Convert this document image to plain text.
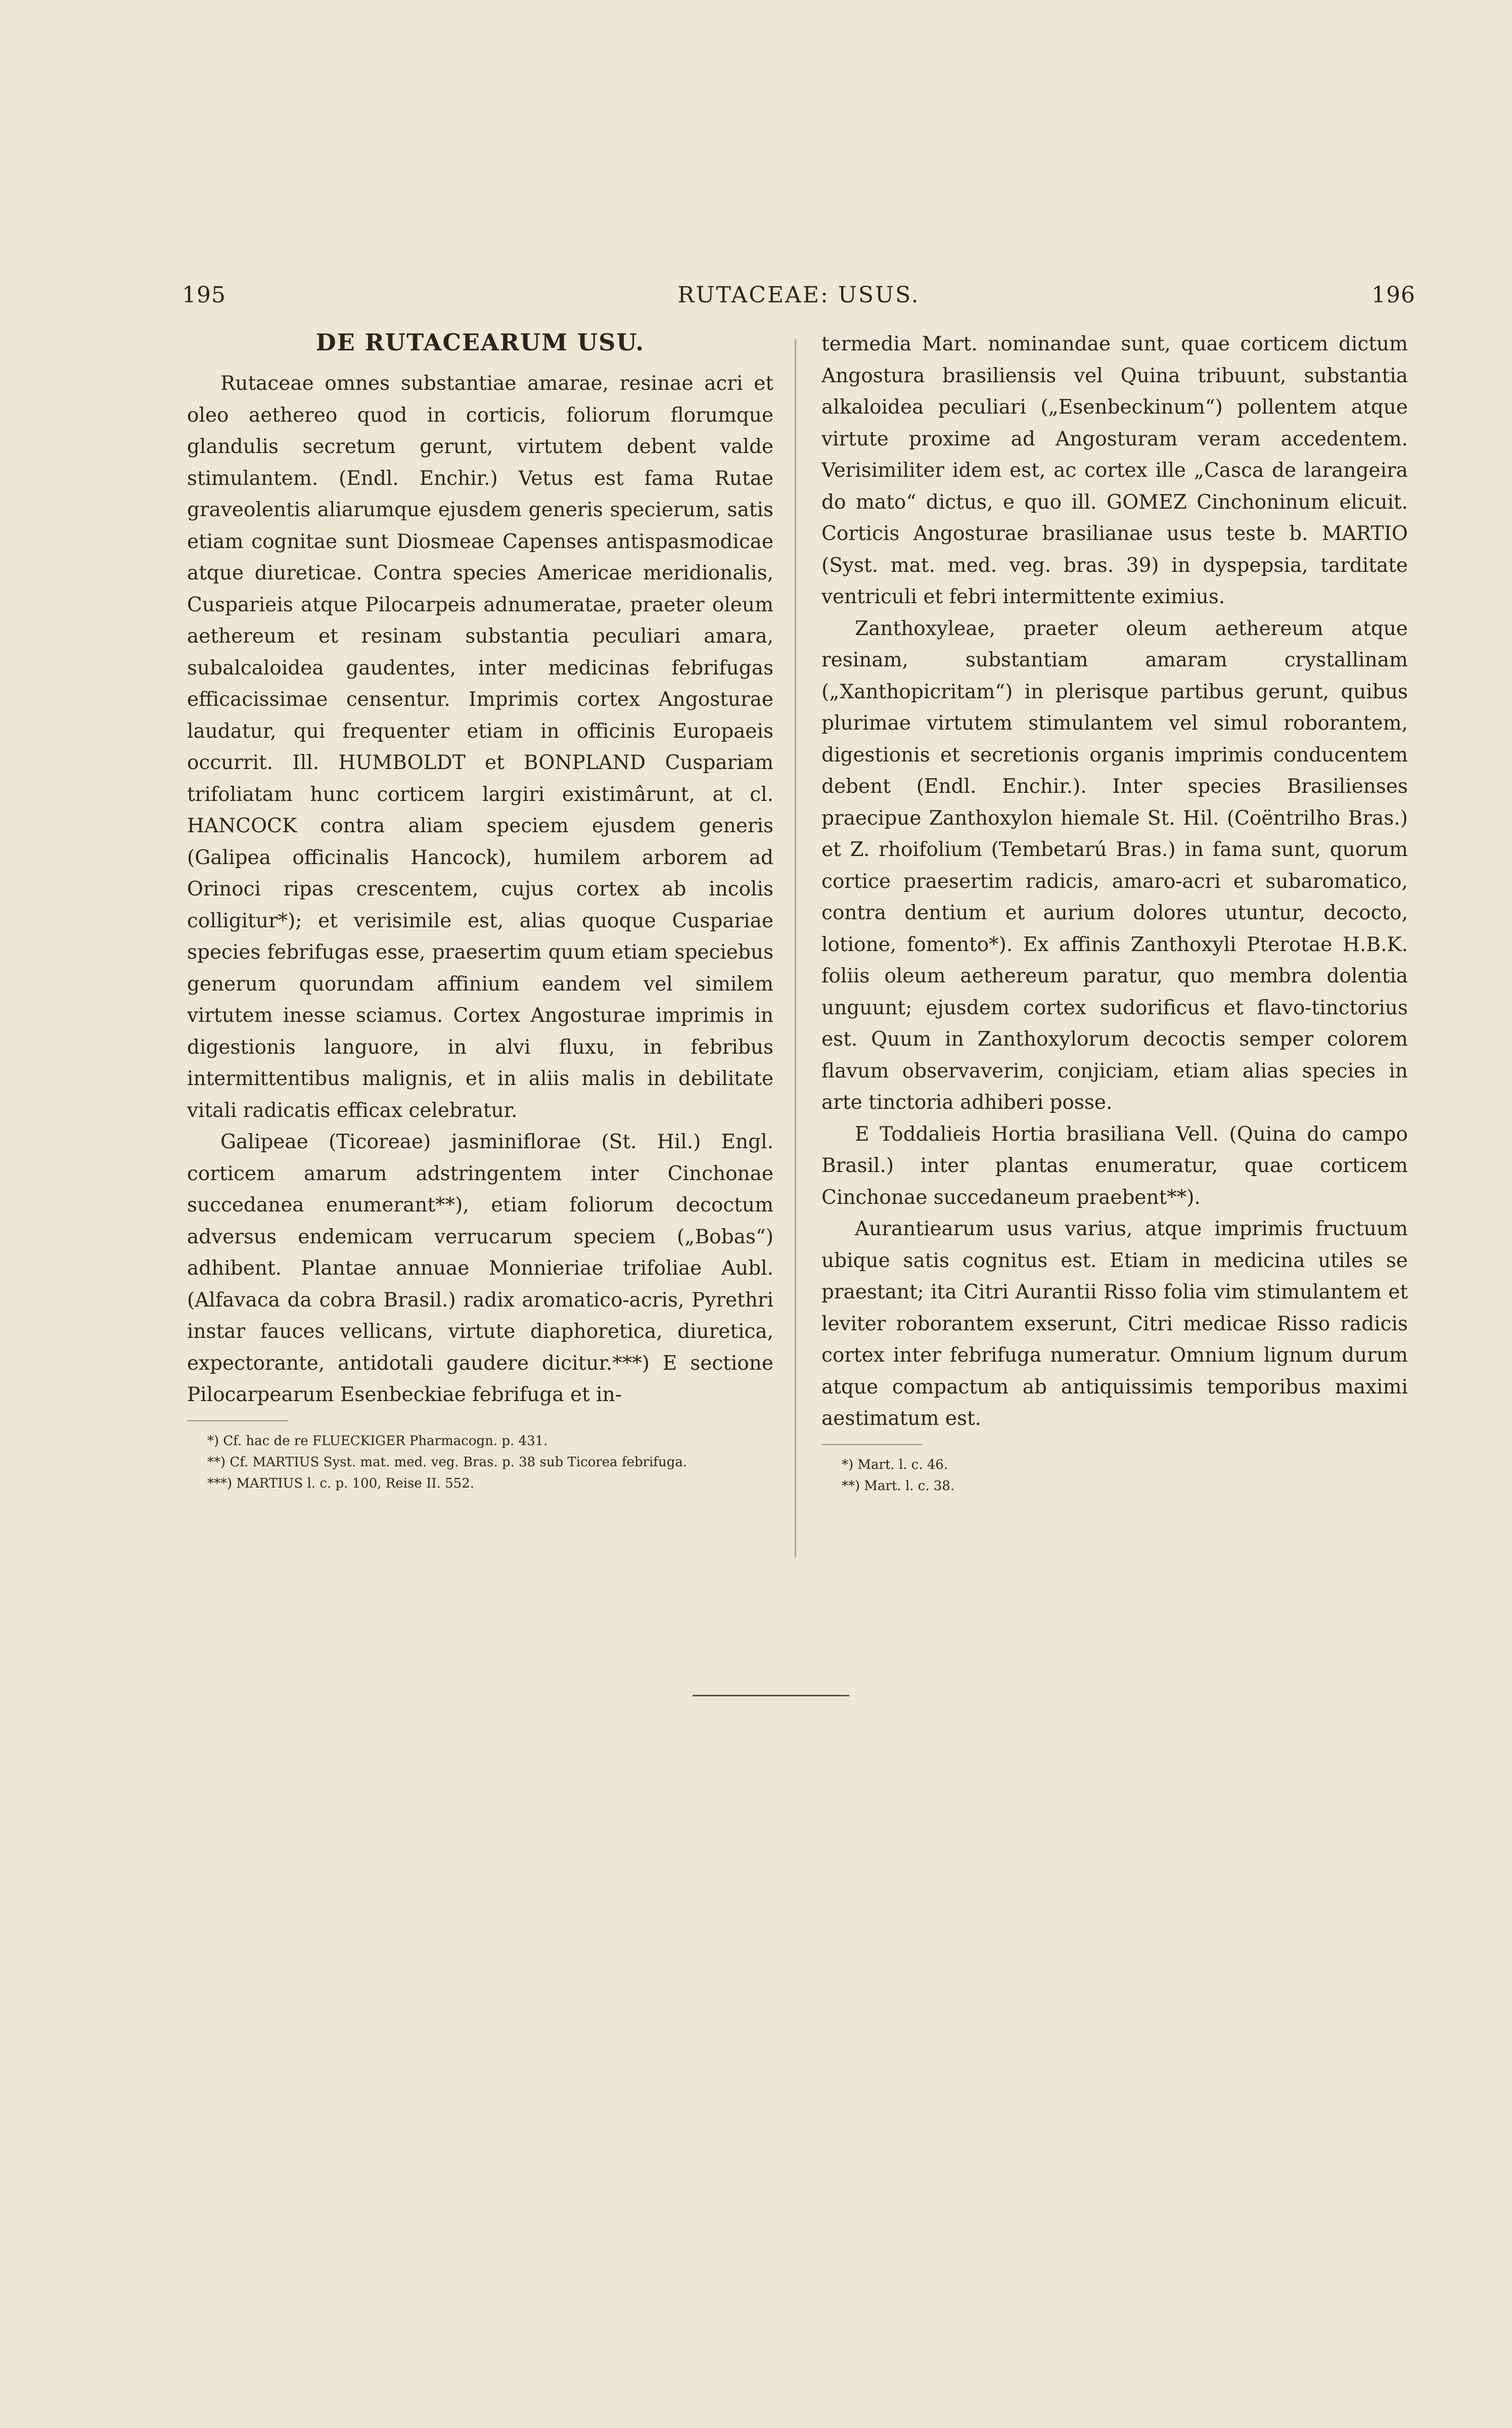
195	RUTACEAE: USUS.	196
DE RUTACEARUM USU.

Rutaceae omnes substantiae amarae, resinae acri et oleo aethereo quod in corticis, foliorum florumque glandulis secretum gerunt, virtutem debent valde stimulantem. (Endl. Enchir.) Vetus est fama Rutae graveolentis aliarumque ejusdem generis specierum, satis etiam cognitae sunt Diosmeae Capenses antispasmodicae atque diureticae. Contra species Americae meridionalis, Cusparieis atque Pilocarpeis adnumeratae, praeter oleum aethereum et resinam substantia peculiari amara, subalcaloidea gaudentes, inter medicinas febrifugas efficacissimae censentur. Imprimis cortex Angosturae laudatur, qui frequenter etiam in officinis Europaeis occurrit. Ill. HUMBOLDT et BONPLAND Cuspariam trifoliatam hunc corticem largiri existimârunt, at cl. HANCOCK contra aliam speciem ejusdem generis (Galipea officinalis Hancock), humilem arborem ad Orinoci ripas crescentem, cujus cortex ab incolis colligitur*); et verisimile est, alias quoque Cuspariae species febrifugas esse, praesertim quum etiam speciebus generum quorundam affinium eandem vel similem virtutem inesse sciamus. Cortex Angosturae imprimis in digestionis languore, in alvi fluxu, in febribus intermittentibus malignis, et in aliis malis in debilitate vitali radicatis efficax celebratur.

Galipeae (Ticoreae) jasminiflorae (St. Hil.) Engl. corticem amarum adstringentem inter Cinchonae succedanea enumerant**), etiam foliorum decoctum adversus endemicam verrucarum speciem („Bobas“) adhibent. Plantae annuae Monnieriae trifoliae Aubl. (Alfavaca da cobra Brasil.) radix aromatico-acris, Pyrethri instar fauces vellicans, virtute diaphoretica, diuretica, expectorante, antidotali gaudere dicitur.***) E sectione Pilocarpearum Esenbeckiae febrifuga et in-

*) Cf. hac de re FLUECKIGER Pharmacogn. p. 431.

**) Cf. MARTIUS Syst. mat. med. veg. Bras. p. 38 sub Ticorea febrifuga.

***) MARTIUS l. c. p. 100, Reise II. 552.

termedia Mart. nominandae sunt, quae corticem dictum Angostura brasiliensis vel Quina tribuunt, substantia alkaloidea peculiari („Esenbeckinum“) pollentem atque virtute proxime ad Angosturam veram accedentem. Verisimiliter idem est, ac cortex ille „Casca de larangeira do mato“ dictus, e quo ill. GOMEZ Cinchoninum elicuit. Corticis Angosturae brasilianae usus teste b. MARTIO (Syst. mat. med. veg. bras. 39) in dyspepsia, tarditate ventriculi et febri intermittente eximius.

Zanthoxyleae, praeter oleum aethereum atque resinam, substantiam amaram crystallinam („Xanthopicritam“) in plerisque partibus gerunt, quibus plurimae virtutem stimulantem vel simul roborantem, digestionis et secretionis organis imprimis conducentem debent (Endl. Enchir.). Inter species Brasilienses praecipue Zanthoxylon hiemale St. Hil. (Coëntrilho Bras.) et Z. rhoifolium (Tembetarú Bras.) in fama sunt, quorum cortice praesertim radicis, amaro-acri et subaromatico, contra dentium et aurium dolores utuntur, decocto, lotione, fomento*). Ex affinis Zanthoxyli Pterotae H.B.K. foliis oleum aethereum paratur, quo membra dolentia unguunt; ejusdem cortex sudorificus et flavo-tinctorius est. Quum in Zanthoxylorum decoctis semper colorem flavum observaverim, conjiciam, etiam alias species in arte tinctoria adhiberi posse.

E Toddalieis Hortia brasiliana Vell. (Quina do campo Brasil.) inter plantas enumeratur, quae corticem Cinchonae succedaneum praebent**).

Aurantiearum usus varius, atque imprimis fructuum ubique satis cognitus est. Etiam in medicina utiles se praestant; ita Citri Aurantii Risso folia vim stimulantem et leviter roborantem exserunt, Citri medicae Risso radicis cortex inter febrifuga numeratur. Omnium lignum durum atque compactum ab antiquissimis temporibus maximi aestimatum est.

*) Mart. l. c. 46.

**) Mart. l. c. 38.
